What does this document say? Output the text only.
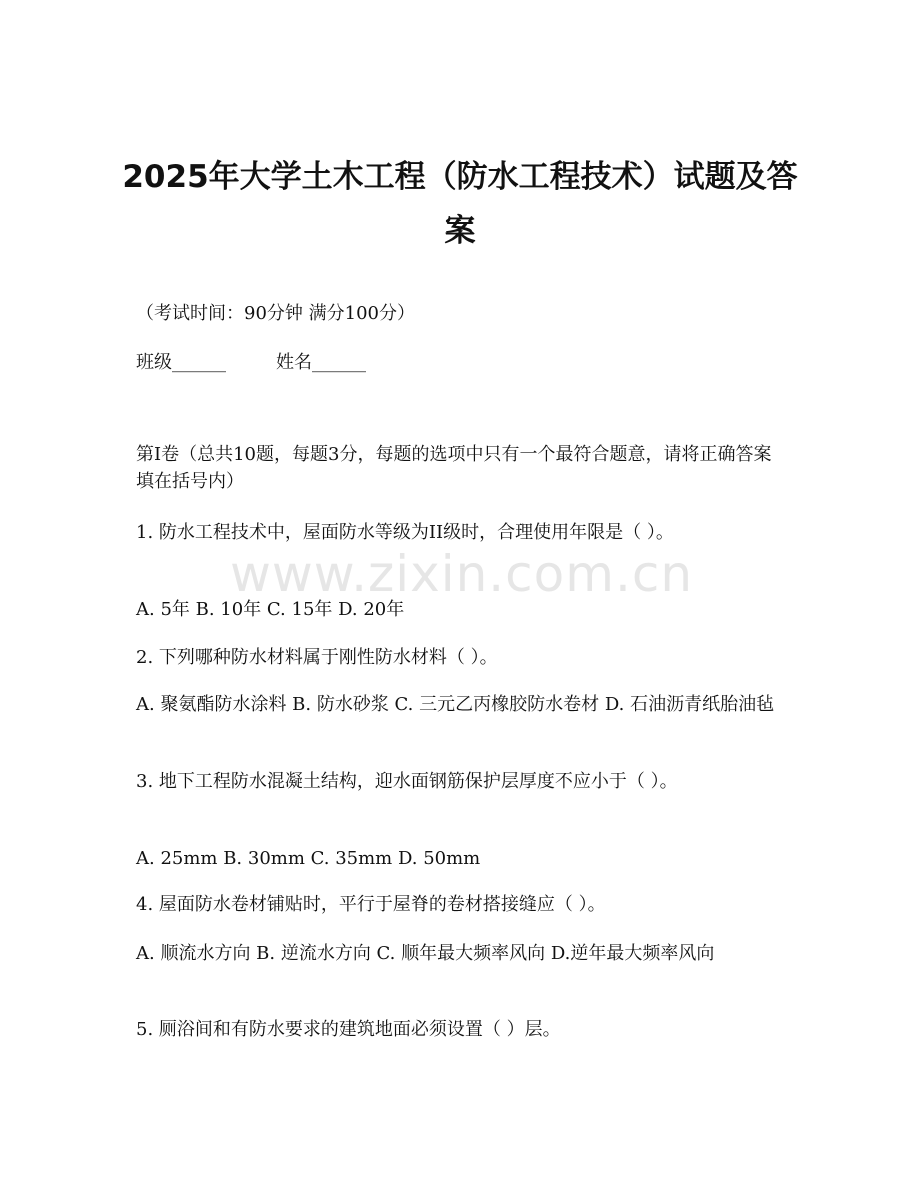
www.zixin.com.cn
2025年大学土木工程（防水工程技术）试题及答案

（考试时间：90分钟 满分100分）

班级______	姓名______

第I卷（总共10题，每题3分，每题的选项中只有一个最符合题意，请将正确答案填在括号内）

1. 防水工程技术中，屋面防水等级为II级时，合理使用年限是（ ）。

A. 5年 B. 10年 C. 15年 D. 20年

2. 下列哪种防水材料属于刚性防水材料（ ）。

A. 聚氨酯防水涂料 B. 防水砂浆 C. 三元乙丙橡胶防水卷材 D. 石油沥青纸胎油毡

3. 地下工程防水混凝土结构，迎水面钢筋保护层厚度不应小于（ ）。

A. 25mm B. 30mm C. 35mm D. 50mm

4. 屋面防水卷材铺贴时，平行于屋脊的卷材搭接缝应（ ）。

A. 顺流水方向 B. 逆流水方向 C. 顺年最大频率风向 D.逆年最大频率风向

5. 厕浴间和有防水要求的建筑地面必须设置（ ）层。
